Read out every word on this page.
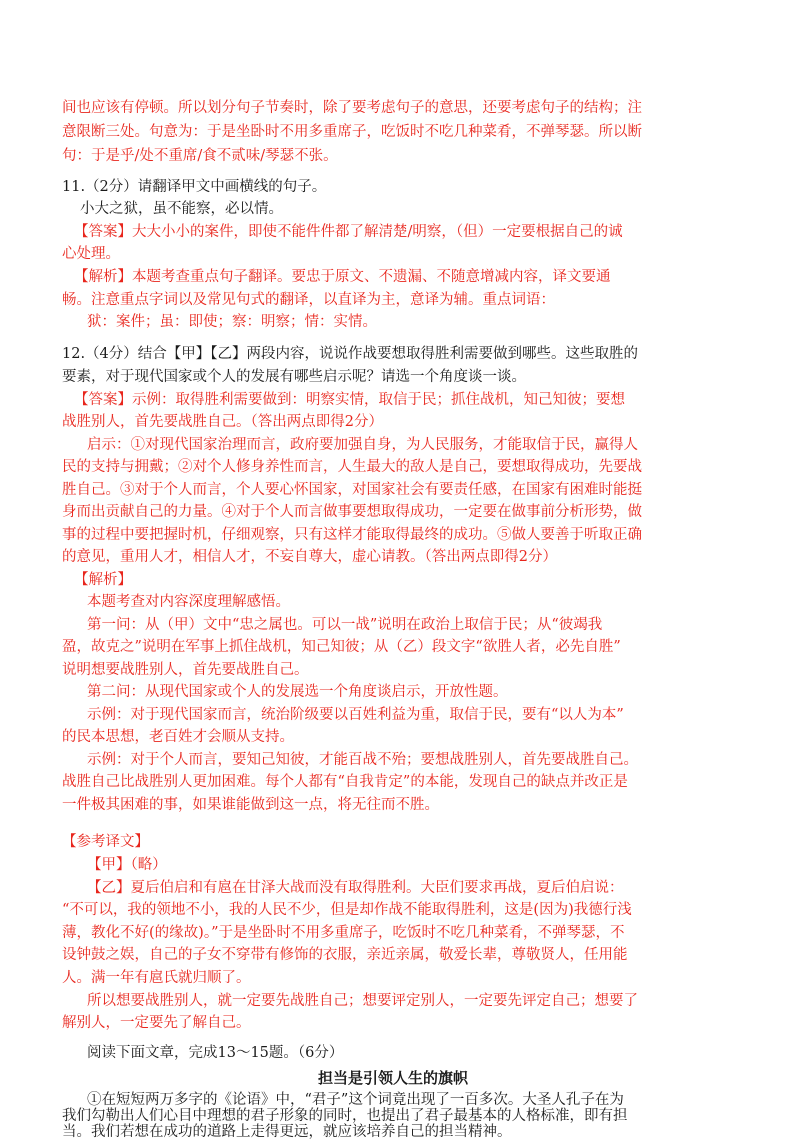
间也应该有停顿。所以划分句子节奏时，除了要考虑句子的意思，还要考虑句子的结构；注

意限断三处。句意为：于是坐卧时不用多重席子，吃饭时不吃几种菜肴，不弹琴瑟。所以断

句：于是乎/处不重席/食不贰味/琴瑟不张。

11.（2分）请翻译甲文中画横线的句子。

小大之狱，虽不能察，必以情。

【答案】大大小小的案件，即使不能件件都了解清楚/明察，（但）一定要根据自己的诚

心处理。

【解析】本题考查重点句子翻译。要忠于原文、不遗漏、不随意增减内容，译文要通

畅。注意重点字词以及常见句式的翻译，以直译为主，意译为辅。重点词语：

狱：案件；虽：即使；察：明察；情：实情。

12.（4分）结合【甲】【乙】两段内容，说说作战要想取得胜利需要做到哪些。这些取胜的

要素，对于现代国家或个人的发展有哪些启示呢？请选一个角度谈一谈。

【答案】示例：取得胜利需要做到：明察实情，取信于民；抓住战机，知己知彼；要想

战胜别人，首先要战胜自己。（答出两点即得2分）

启示：①对现代国家治理而言，政府要加强自身，为人民服务，才能取信于民，赢得人

民的支持与拥戴；②对个人修身养性而言，人生最大的敌人是自己，要想取得成功，先要战

胜自己。③对于个人而言，个人要心怀国家，对国家社会有要责任感，在国家有困难时能挺

身而出贡献自己的力量。④对于个人而言做事要想取得成功，一定要在做事前分析形势，做

事的过程中要把握时机，仔细观察，只有这样才能取得最终的成功。⑤做人要善于听取正确

的意见，重用人才，相信人才，不妄自尊大，虚心请教。（答出两点即得2分）

【解析】

本题考查对内容深度理解感悟。

第一问：从（甲）文中“忠之属也。可以一战”说明在政治上取信于民；从“彼竭我

盈，故克之”说明在军事上抓住战机，知己知彼；从（乙）段文字“欲胜人者，必先自胜”

说明想要战胜别人，首先要战胜自己。

第二问：从现代国家或个人的发展选一个角度谈启示，开放性题。

示例：对于现代国家而言，统治阶级要以百姓利益为重，取信于民，要有“以人为本”

的民本思想，老百姓才会顺从支持。

示例：对于个人而言，要知己知彼，才能百战不殆；要想战胜别人，首先要战胜自己。

战胜自己比战胜别人更加困难。每个人都有“自我肯定”的本能，发现自己的缺点并改正是

一件极其困难的事，如果谁能做到这一点，将无往而不胜。

【参考译文】

【甲】（略）

【乙】夏后伯启和有扈在甘泽大战而没有取得胜利。大臣们要求再战，夏后伯启说：

“不可以，我的领地不小，我的人民不少，但是却作战不能取得胜利，这是(因为)我德行浅

薄，教化不好(的缘故)。”于是坐卧时不用多重席子，吃饭时不吃几种菜肴，不弹琴瑟，不

设钟鼓之娱，自己的子女不穿带有修饰的衣服，亲近亲属，敬爱长辈，尊敬贤人，任用能

人。满一年有扈氏就归顺了。

所以想要战胜别人，就一定要先战胜自己；想要评定别人，一定要先评定自己；想要了

解别人，一定要先了解自己。

阅读下面文章，完成13～15题。（6分）

担当是引领人生的旗帜

①在短短两万多字的《论语》中，“君子”这个词竟出现了一百多次。大圣人孔子在为

我们勾勒出人们心目中理想的君子形象的同时，也提出了君子最基本的人格标准，即有担

当。我们若想在成功的道路上走得更远，就应该培养自己的担当精神。
